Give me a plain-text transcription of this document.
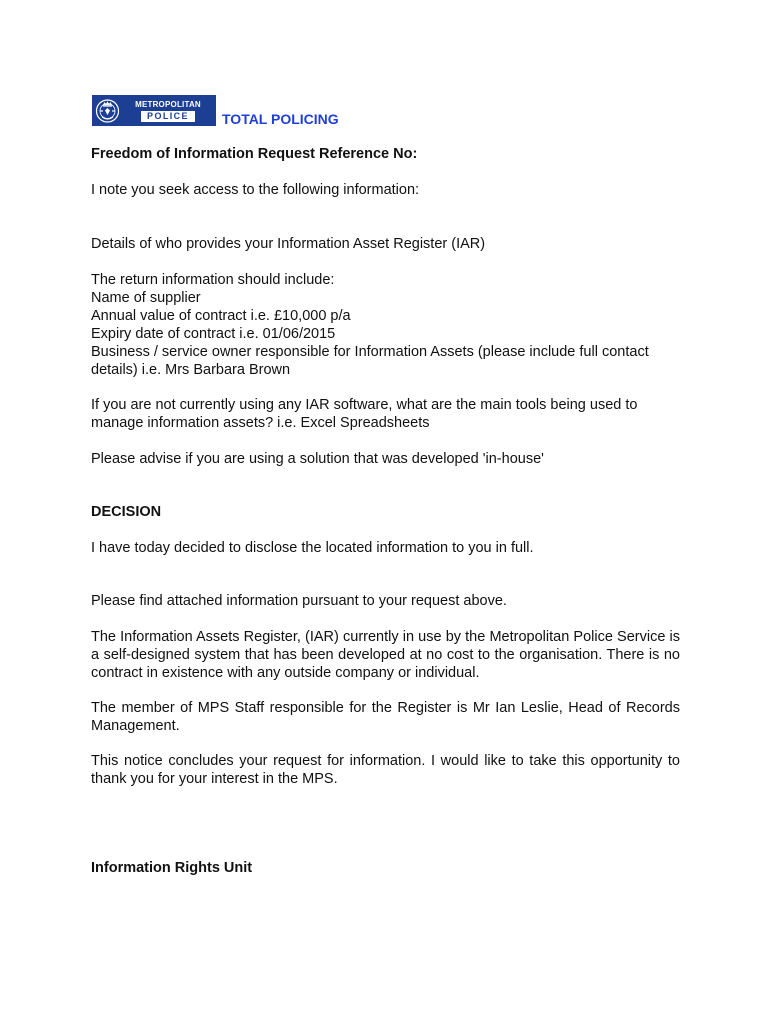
METROPOLITAN
POLICE	TOTAL POLICING

Freedom of Information Request Reference No:

I note you seek access to the following information:

Details of who provides your Information Asset Register (IAR)

The return information should include:
Name of supplier
Annual value of contract i.e. £10,000 p/a
Expiry date of contract i.e. 01/06/2015
Business / service owner responsible for Information Assets (please include full contact details) i.e. Mrs Barbara Brown

If you are not currently using any IAR software, what are the main tools being used to manage information assets? i.e. Excel Spreadsheets

Please advise if you are using a solution that was developed 'in-house'

DECISION

I have today decided to disclose the located information to you in full.

Please find attached information pursuant to your request above.

The Information Assets Register, (IAR) currently in use by the Metropolitan Police Service is a self-designed system that has been developed at no cost to the organisation. There is no contract in existence with any outside company or individual.

The member of MPS Staff responsible for the Register is Mr Ian Leslie, Head of Records Management.

This notice concludes your request for information. I would like to take this opportunity to thank you for your interest in the MPS.

Information Rights Unit
